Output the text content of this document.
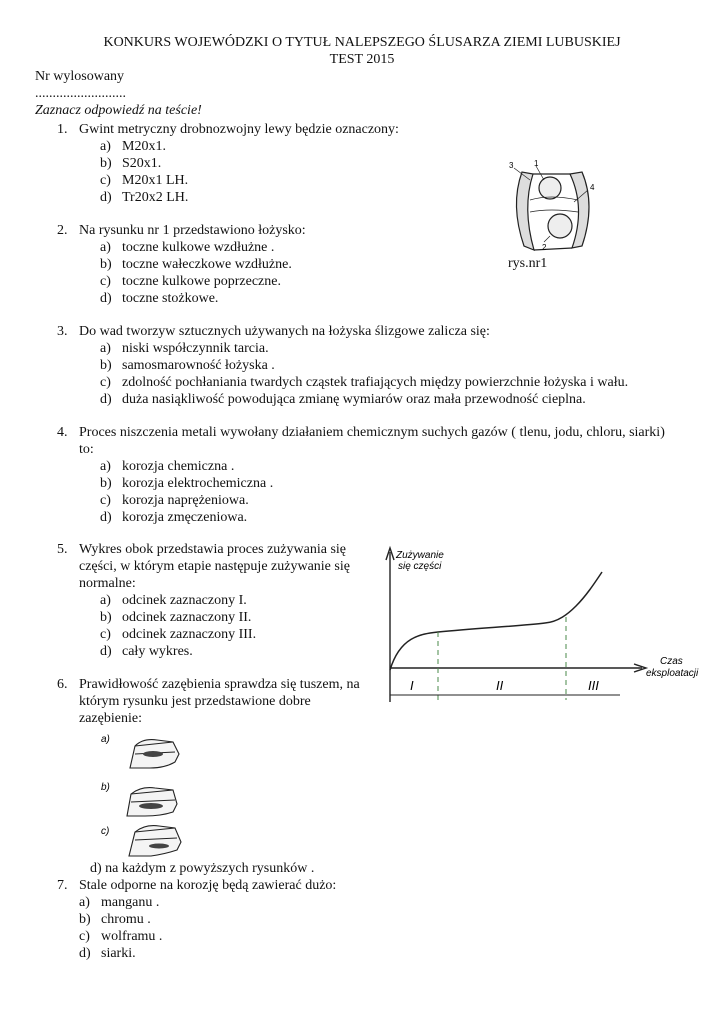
KONKURS WOJEWÓDZKI O TYTUŁ NALEPSZEGO ŚLUSARZA ZIEMI LUBUSKIEJ
TEST 2015
Nr wylosowany
..........................
Zaznacz odpowiedź na teście!
1. Gwint metryczny drobnozwojny lewy będzie oznaczony:
a) M20x1.
b) S20x1.
c) M20x1 LH.
d) Tr20x2 LH.
2. Na rysunku nr 1 przedstawiono łożysko:
a) toczne kulkowe wzdłużne .
b) toczne wałeczkowe wzdłużne.
c) toczne kulkowe poprzeczne.
d) toczne stożkowe.
3	1
4
2
rys.nr1
3. Do wad tworzyw sztucznych używanych na łożyska ślizgowe zalicza się:
a) niski współczynnik tarcia.
b) samosmarowność łożyska .
c) zdolność pochłaniania twardych cząstek trafiających między powierzchnie łożyska i wału.
d) duża nasiąkliwość powodująca zmianę wymiarów oraz mała przewodność cieplna.
4. Proces niszczenia metali wywołany działaniem chemicznym suchych gazów ( tlenu, jodu, chloru, siarki)
to:
a) korozja chemiczna .
b) korozja elektrochemiczna .
c) korozja naprężeniowa.
d) korozja zmęczeniowa.
5. Wykres obok przedstawia proces zużywania się
części, w którym etapie następuje zużywanie się
normalne:
a) odcinek zaznaczony I.
b) odcinek zaznaczony II.
c) odcinek zaznaczony III.
d) cały wykres.
Zużywanie
się części
Czas
eksploatacji
I	II	III
6. Prawidłowość zazębienia sprawdza się tuszem, na
którym rysunku jest przedstawione dobre
zazębienie:
a)
b)
c)
d) na każdym z powyższych rysunków .
7. Stale odporne na korozję będą zawierać dużo:
a) manganu .
b) chromu .
c) wolframu .
d) siarki.
